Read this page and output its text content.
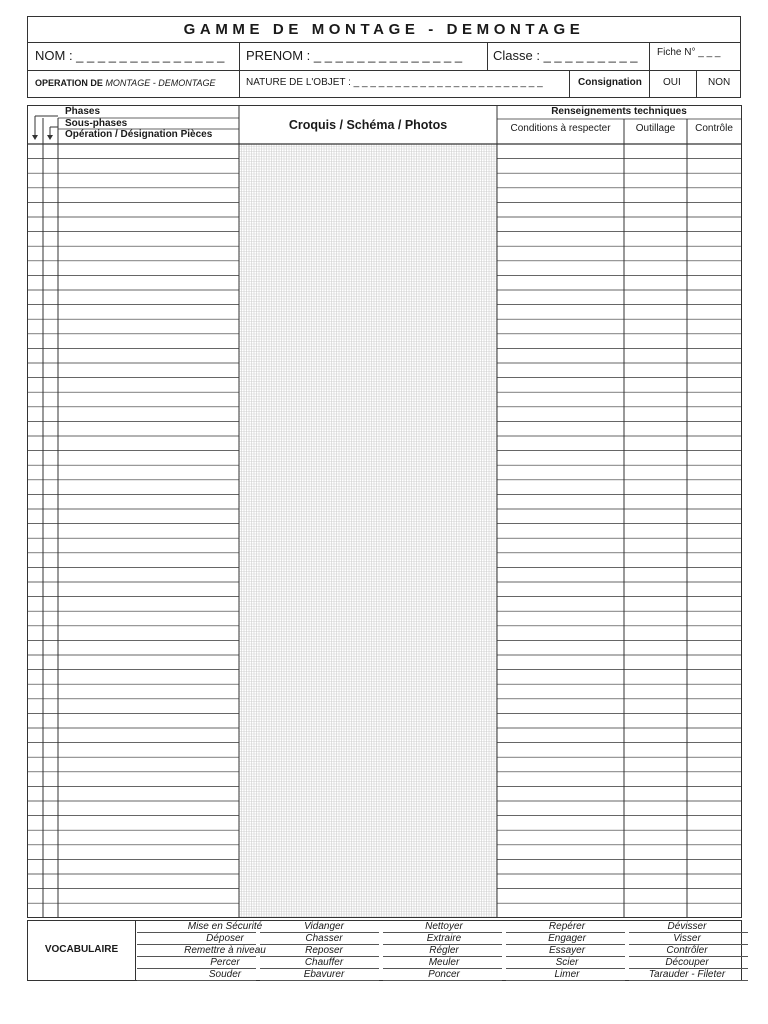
GAMME DE MONTAGE - DEMONTAGE
NOM : _ _ _ _ _ _ _ _ _ _ _ _ _ _ PRENOM : _ _ _ _ _ _ _ _ _ _ _ _ _ _ Classe : _ _ _ _ _ _ _ _ _ Fiche N° _ _ _
OPERATION DE MONTAGE - DEMONTAGE	NATURE DE L'OBJET : _ _ _ _ _ _ _ _ _ _ _ _ _ _ _ _ _ _ _ _ _ _ _	Consignation OUI	NON
Phases
Sous-phases
Opération / Désignation Pièces
Croquis / Schéma / Photos
Renseignements techniques
Conditions à respecter	Outillage	Contrôle
VOCABULAIRE
Mise en Sécurité	Vidanger	Nettoyer	Repérer	Dévisser
Déposer	Chasser	Extraire	Engager	Visser
Remettre à niveau	Reposer	Régler	Essayer	Contrôler
Percer	Chauffer	Meuler	Scier	Découper
Souder	Ebavurer	Poncer	Limer	Tarauder - Fileter
